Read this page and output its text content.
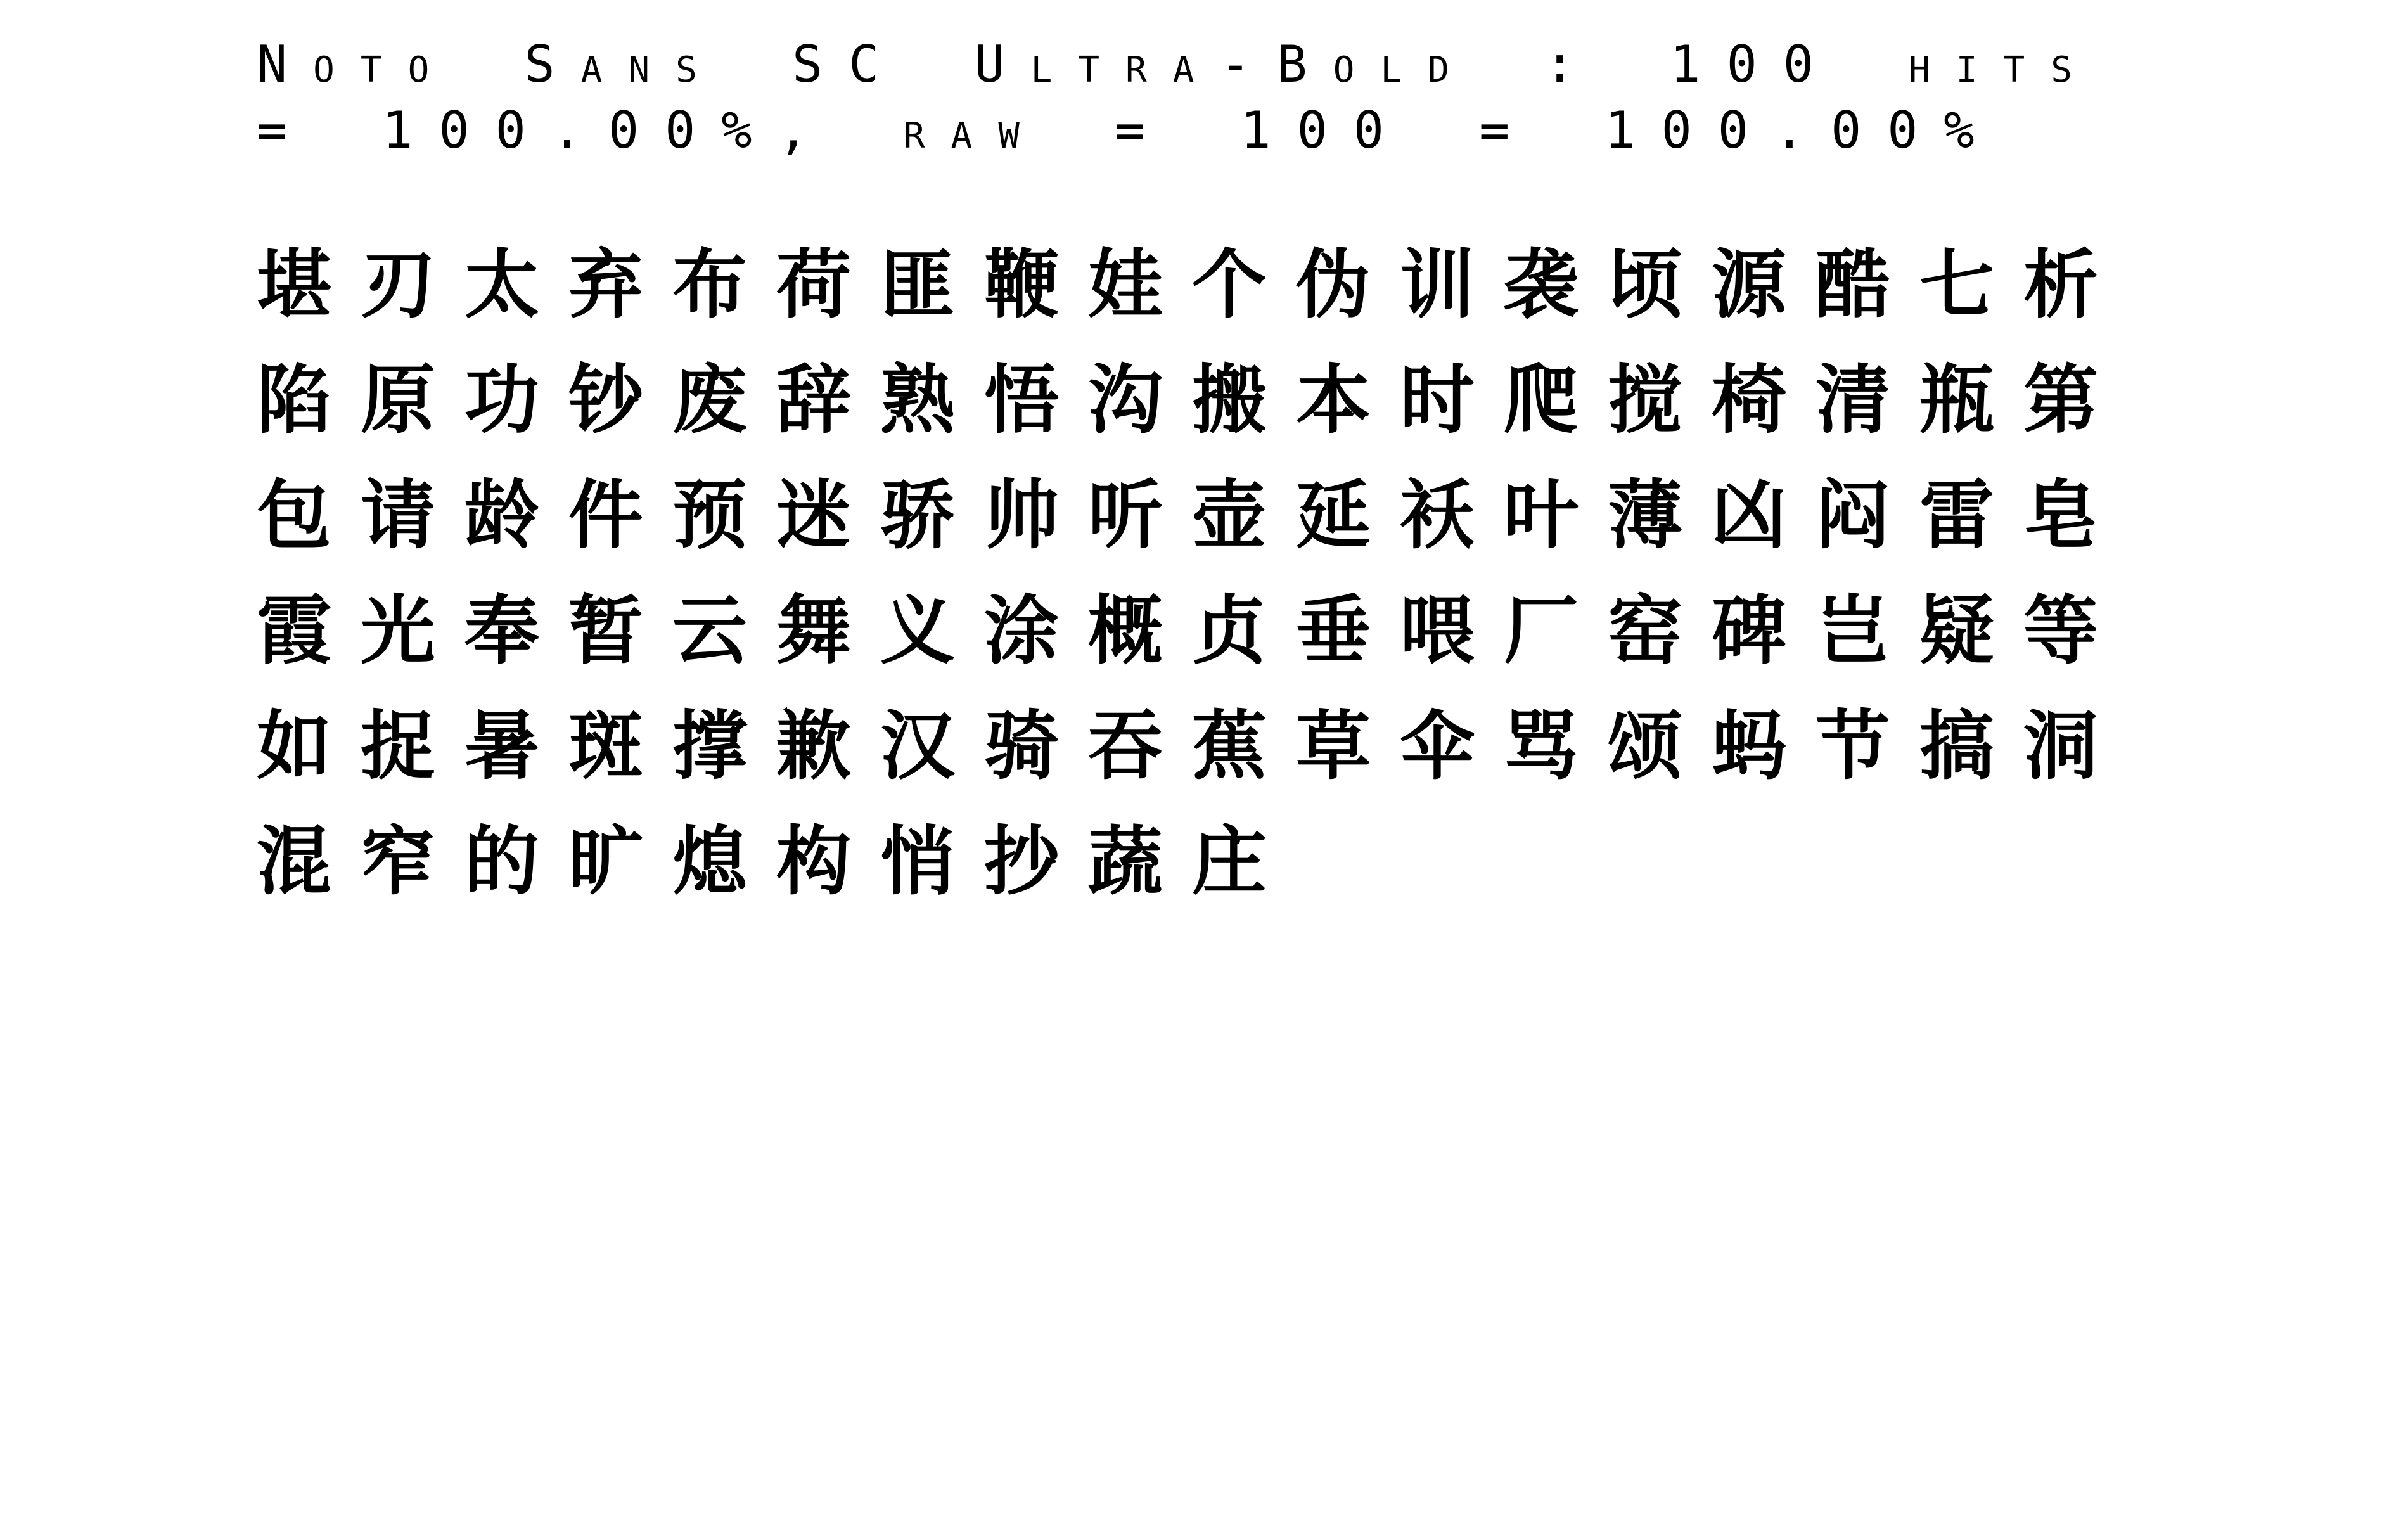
Noto Sans SC Ultra-Bold : 100 hits = 100.00%, raw = 100 = 100.00%
堪刃太弃布荷匪鞭娃个伪训袭顷源酷七析
陷原功钞废辞熟悟沟搬本时爬搅椅清瓶第
包请龄件预迷骄帅听壶延袄叶薄凶闷雷皂
霞光奉暂云舞义涂概贞垂喂厂窑碑岂疑等
如捉暑斑撑歉汉骑吞蕉草伞骂颂蚂节搞洞
混窄的旷熄构悄抄蔬庄
